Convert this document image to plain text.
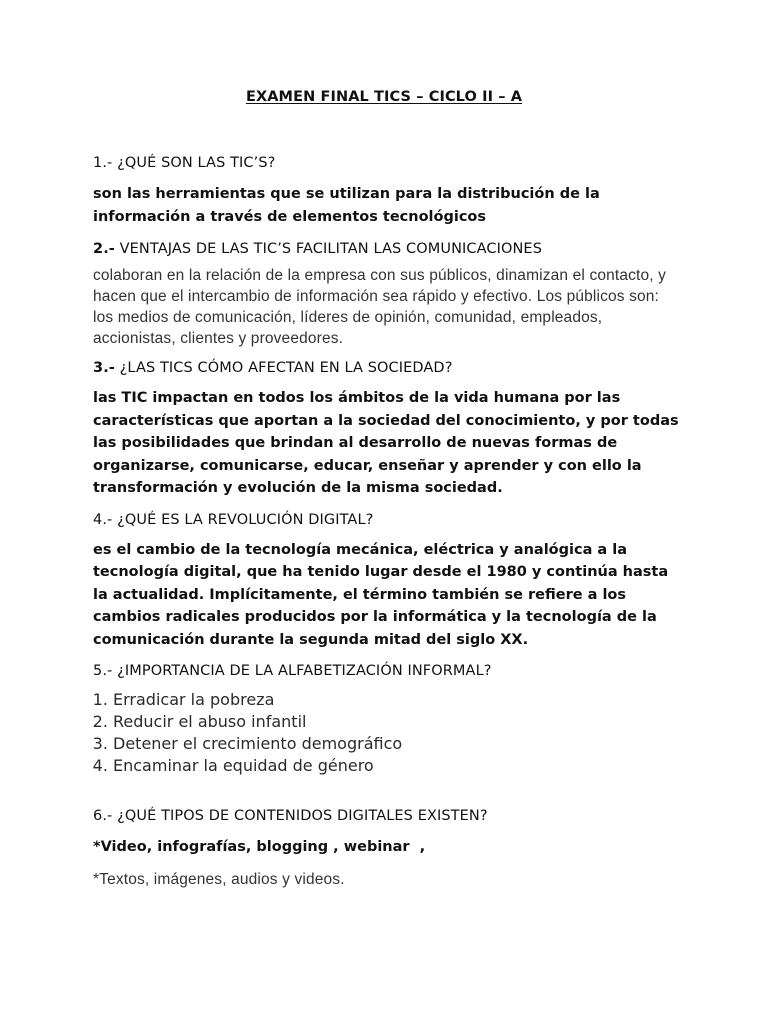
EXAMEN FINAL TICS – CICLO II – A

1.- ¿QUÉ SON LAS TIC’S?

son las herramientas que se utilizan para la distribución de la información a través de elementos tecnológicos

2.- VENTAJAS DE LAS TIC’S FACILITAN LAS COMUNICACIONES

colaboran en la relación de la empresa con sus públicos, dinamizan el contacto, y hacen que el intercambio de información sea rápido y efectivo. Los públicos son: los medios de comunicación, líderes de opinión, comunidad, empleados, accionistas, clientes y proveedores.

3.- ¿LAS TICS CÓMO AFECTAN EN LA SOCIEDAD?

las TIC impactan en todos los ámbitos de la vida humana por las características que aportan a la sociedad del conocimiento, y por todas las posibilidades que brindan al desarrollo de nuevas formas de organizarse, comunicarse, educar, enseñar y aprender y con ello la transformación y evolución de la misma sociedad.

4.- ¿QUÉ ES LA REVOLUCIÓN DIGITAL?

es el cambio de la tecnología mecánica, eléctrica y analógica a la tecnología digital, que ha tenido lugar desde el 1980 y continúa hasta la actualidad. Implícitamente, el término también se refiere a los cambios radicales producidos por la informática y la tecnología de la comunicación durante la segunda mitad del siglo XX.

5.- ¿IMPORTANCIA DE LA ALFABETIZACIÓN INFORMAL?

1. Erradicar la pobreza
2. Reducir el abuso infantil
3. Detener el crecimiento demográfico
4. Encaminar la equidad de género

6.- ¿QUÉ TIPOS DE CONTENIDOS DIGITALES EXISTEN?

*Video, infografías, blogging , webinar  ,

*Textos, imágenes, audios y videos.
